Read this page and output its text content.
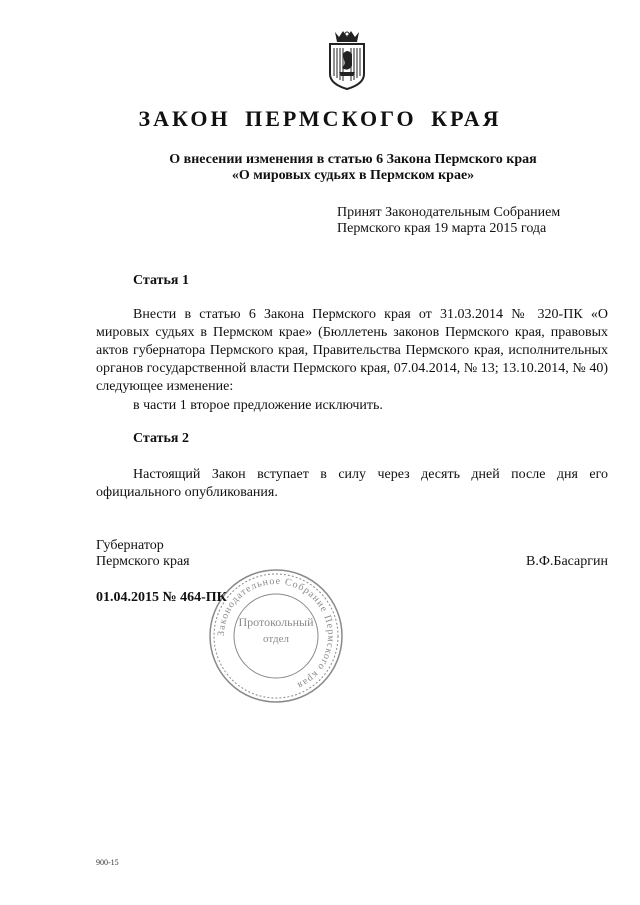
ЗАКОН ПЕРМСКОГО КРАЯ
О внесении изменения в статью 6 Закона Пермского края
«О мировых судьях в Пермском крае»
Принят Законодательным Собранием
Пермского края 19 марта 2015 года
Статья 1
Внести в статью 6 Закона Пермского края от 31.03.2014 № 320-ПК «О мировых судьях в Пермском крае» (Бюллетень законов Пермского края, правовых актов губернатора Пермского края, Правительства Пермского края, исполнительных органов государственной власти Пермского края, 07.04.2014, № 13; 13.10.2014, № 40) следующее изменение:
в части 1 второе предложение исключить.
Статья 2
Настоящий Закон вступает в силу через десять дней после дня его официального опубликования.
Губернатор
Пермского края	В.Ф.Басаргин
Законодательное Собрание Пермского края
Протокольный
отдел
01.04.2015 № 464-ПК
900-15
